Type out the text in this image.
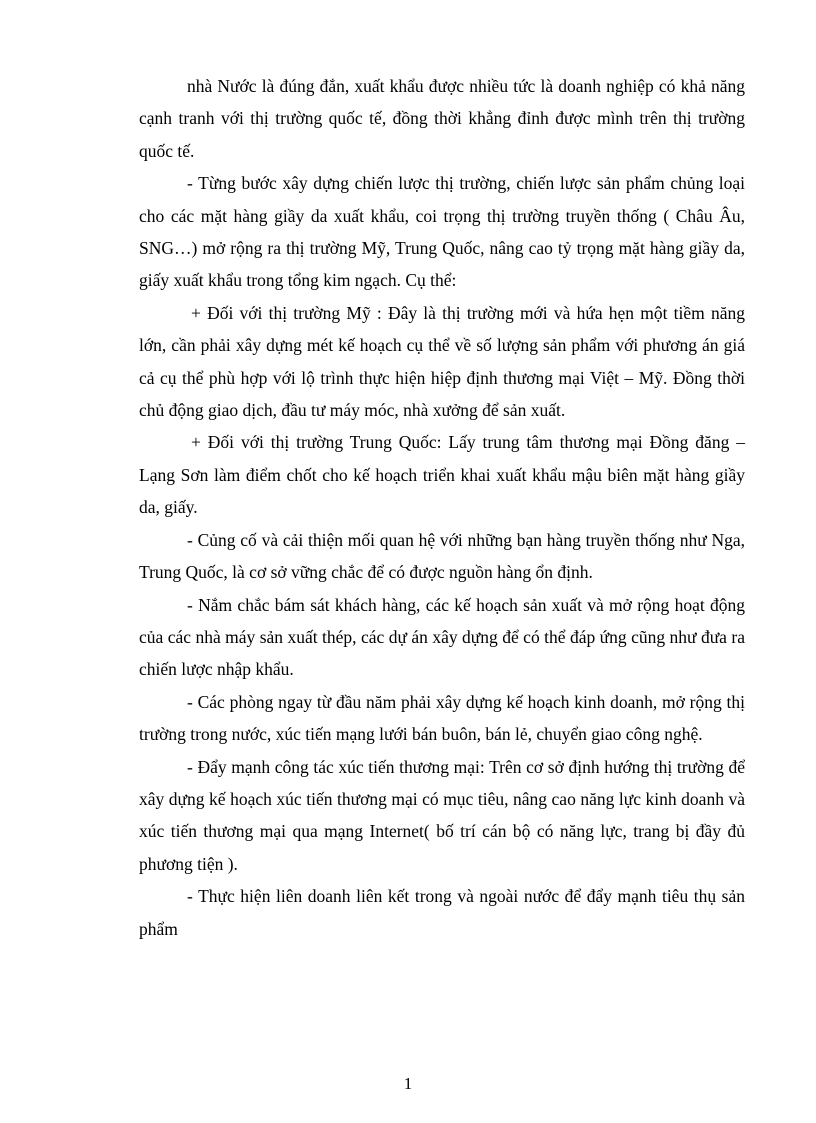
nhà Nước là đúng đắn, xuất khẩu được nhiều tức là doanh nghiệp có khả năng cạnh tranh với thị trường quốc tế, đồng thời khẳng đỉnh được mình trên thị trường quốc tế.

- Từng bước xây dựng chiến lược thị trường, chiến lược sản phẩm chủng loại cho các mặt hàng giầy da xuất khẩu, coi trọng thị trường truyền thống ( Châu Âu, SNG…) mở rộng ra thị trường Mỹ, Trung Quốc, nâng cao tỷ trọng mặt hàng giầy da, giấy xuất khẩu trong tổng kim ngạch. Cụ thể:

+ Đối với thị trường Mỹ : Đây là thị trường mới và hứa hẹn một tiềm năng lớn, cần phải xây dựng mét kế hoạch cụ thể về số lượng sản phẩm với phương án giá cả cụ thể phù hợp với lộ trình thực hiện hiệp định thương mại Việt – Mỹ. Đồng thời chủ động giao dịch, đầu tư máy móc, nhà xưởng để sản xuất.

+ Đối với thị trường Trung Quốc: Lấy trung tâm thương mại Đồng đăng – Lạng Sơn làm điểm chốt cho kế hoạch triển khai xuất khẩu mậu biên mặt hàng giầy da, giấy.

- Củng cố và cải thiện mối quan hệ với những bạn hàng truyền thống như Nga, Trung Quốc, là cơ sở vững chắc để có được nguồn hàng ổn định.

- Nắm chắc bám sát khách hàng, các kế hoạch sản xuất và mở rộng hoạt động của các nhà máy sản xuất thép, các dự án xây dựng để có thể đáp ứng cũng như đưa ra chiến lược nhập khẩu.

- Các phòng ngay từ đầu năm phải xây dựng kế hoạch kinh doanh, mở rộng thị trường trong nước, xúc tiến mạng lưới bán buôn, bán lẻ, chuyển giao công nghệ.

- Đẩy mạnh công tác xúc tiến thương mại: Trên cơ sở định hướng thị trường để xây dựng kế hoạch xúc tiến thương mại có mục tiêu, nâng cao năng lực kinh doanh và xúc tiến thương mại qua mạng Internet( bố trí cán bộ có năng lực, trang bị đầy đủ phương tiện ).

- Thực hiện liên doanh liên kết trong và ngoài nước để đẩy mạnh tiêu thụ sản phẩm

1
